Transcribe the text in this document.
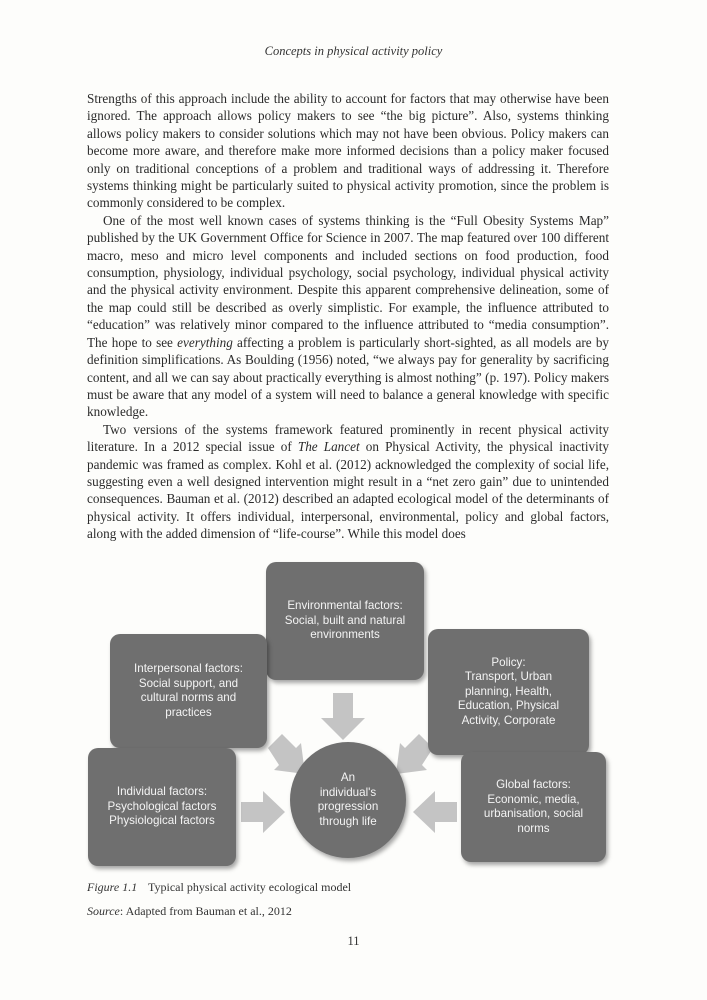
Concepts in physical activity policy

Strengths of this approach include the ability to account for factors that may otherwise have been ignored. The approach allows policy makers to see “the big picture”. Also, systems thinking allows policy makers to consider solutions which may not have been obvious. Policy makers can become more aware, and therefore make more informed decisions than a policy maker focused only on traditional conceptions of a problem and traditional ways of addressing it. Therefore systems thinking might be particularly suited to physical activity promotion, since the problem is commonly considered to be complex.

One of the most well known cases of systems thinking is the “Full Obesity Systems Map” published by the UK Government Office for Science in 2007. The map featured over 100 different macro, meso and micro level components and included sections on food production, food consumption, physiology, individual psychology, social psychology, individual physical activity and the physical activity environment. Despite this apparent comprehensive delineation, some of the map could still be described as overly simplistic. For example, the influence attributed to “education” was relatively minor compared to the influence attributed to “media consumption”. The hope to see everything affecting a problem is particularly short-sighted, as all models are by definition simplifications. As Boulding (1956) noted, “we always pay for generality by sacrificing content, and all we can say about practically everything is almost nothing” (p. 197). Policy makers must be aware that any model of a system will need to balance a general knowledge with specific knowledge.

Two versions of the systems framework featured prominently in recent physical activity literature. In a 2012 special issue of The Lancet on Physical Activity, the physical inactivity pandemic was framed as complex. Kohl et al. (2012) acknowledged the complexity of social life, suggesting even a well designed intervention might result in a “net zero gain” due to unintended consequences. Bauman et al. (2012) described an adapted ecological model of the determinants of physical activity. It offers individual, interpersonal, environmental, policy and global factors, along with the added dimension of “life-course”. While this model does

Environmental factors:
Social, built and natural
environments
Interpersonal factors:
Social support, and
cultural norms and
practices
Policy:
Transport, Urban
planning, Health,
Education, Physical
Activity, Corporate
Individual factors:
Psychological factors
Physiological factors
Global factors:
Economic, media,
urbanisation, social
norms
An
individual's
progression
through life
Figure 1.1 Typical physical activity ecological model
Source: Adapted from Bauman et al., 2012
11
